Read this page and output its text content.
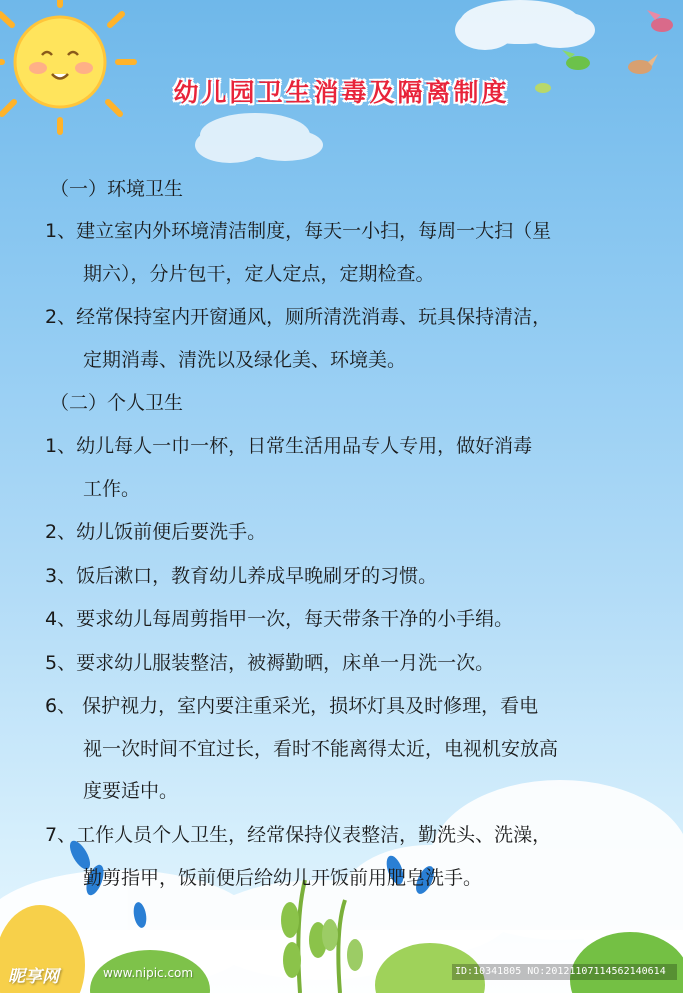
幼儿园卫生消毒及隔离制度
（一）环境卫生
1、建立室内外环境清洁制度，每天一小扫，每周一大扫（星
期六），分片包干，定人定点，定期检查。
2、经常保持室内开窗通风，厕所清洗消毒、玩具保持清洁，
定期消毒、清洗以及绿化美、环境美。
（二）个人卫生
1、幼儿每人一巾一杯，日常生活用品专人专用，做好消毒
工作。
2、幼儿饭前便后要洗手。
3、饭后漱口，教育幼儿养成早晚刷牙的习惯。
4、要求幼儿每周剪指甲一次，每天带条干净的小手绢。
5、要求幼儿服装整洁，被褥勤晒，床单一月洗一次。
6、 保护视力，室内要注重采光，损坏灯具及时修理，看电
视一次时间不宜过长，看时不能离得太近，电视机安放高
度要适中。
7、工作人员个人卫生，经常保持仪表整洁，勤洗头、洗澡，
勤剪指甲，饭前便后给幼儿开饭前用肥皂洗手。
昵享网	www.nipic.com	ID:10341805 NO:20121107114562140614
